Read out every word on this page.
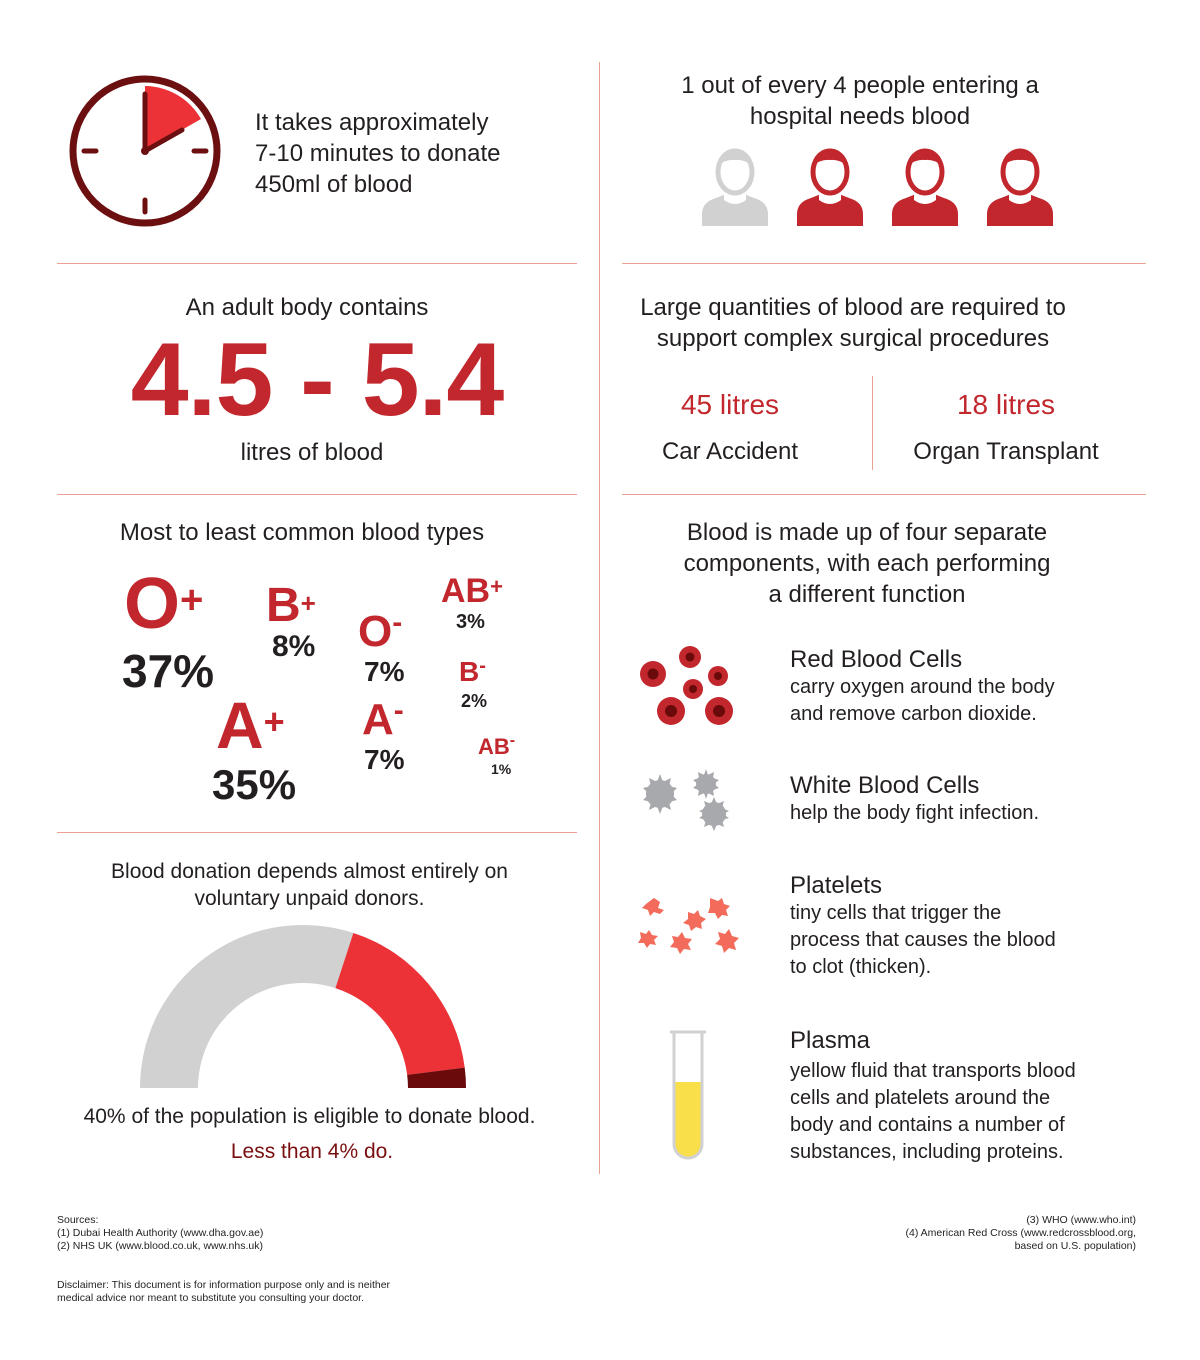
It takes approximately
7-10 minutes to donate
450ml of blood
1 out of every 4 people entering a
hospital needs blood
An adult body contains
4.5 - 5.4
litres of blood
Large quantities of blood are required to
support complex surgical procedures
45 litres
Car Accident
18 litres
Organ Transplant
Most to least common blood types
O+
37%
A+
35%
B+
8% O-
7%
A-
7%
AB+
3%
B-
2%
AB-
1%
Blood donation depends almost entirely on
voluntary unpaid donors.
40% of the population is eligible to donate blood.
Less than 4% do.
Blood is made up of four separate
components, with each performing
a different function
Red Blood Cells
carry oxygen around the body
and remove carbon dioxide.
White Blood Cells
help the body fight infection.
Platelets
tiny cells that trigger the
process that causes the blood
to clot (thicken).
Plasma
yellow fluid that transports blood
cells and platelets around the
body and contains a number of
substances, including proteins.
Sources:
(1) Dubai Health Authority (www.dha.gov.ae)
(2) NHS UK (www.blood.co.uk, www.nhs.uk)
(3) WHO (www.who.int)
(4) American Red Cross (www.redcrossblood.org,
based on U.S. population)
Disclaimer: This document is for information purpose only and is neither
medical advice nor meant to substitute you consulting your doctor.
